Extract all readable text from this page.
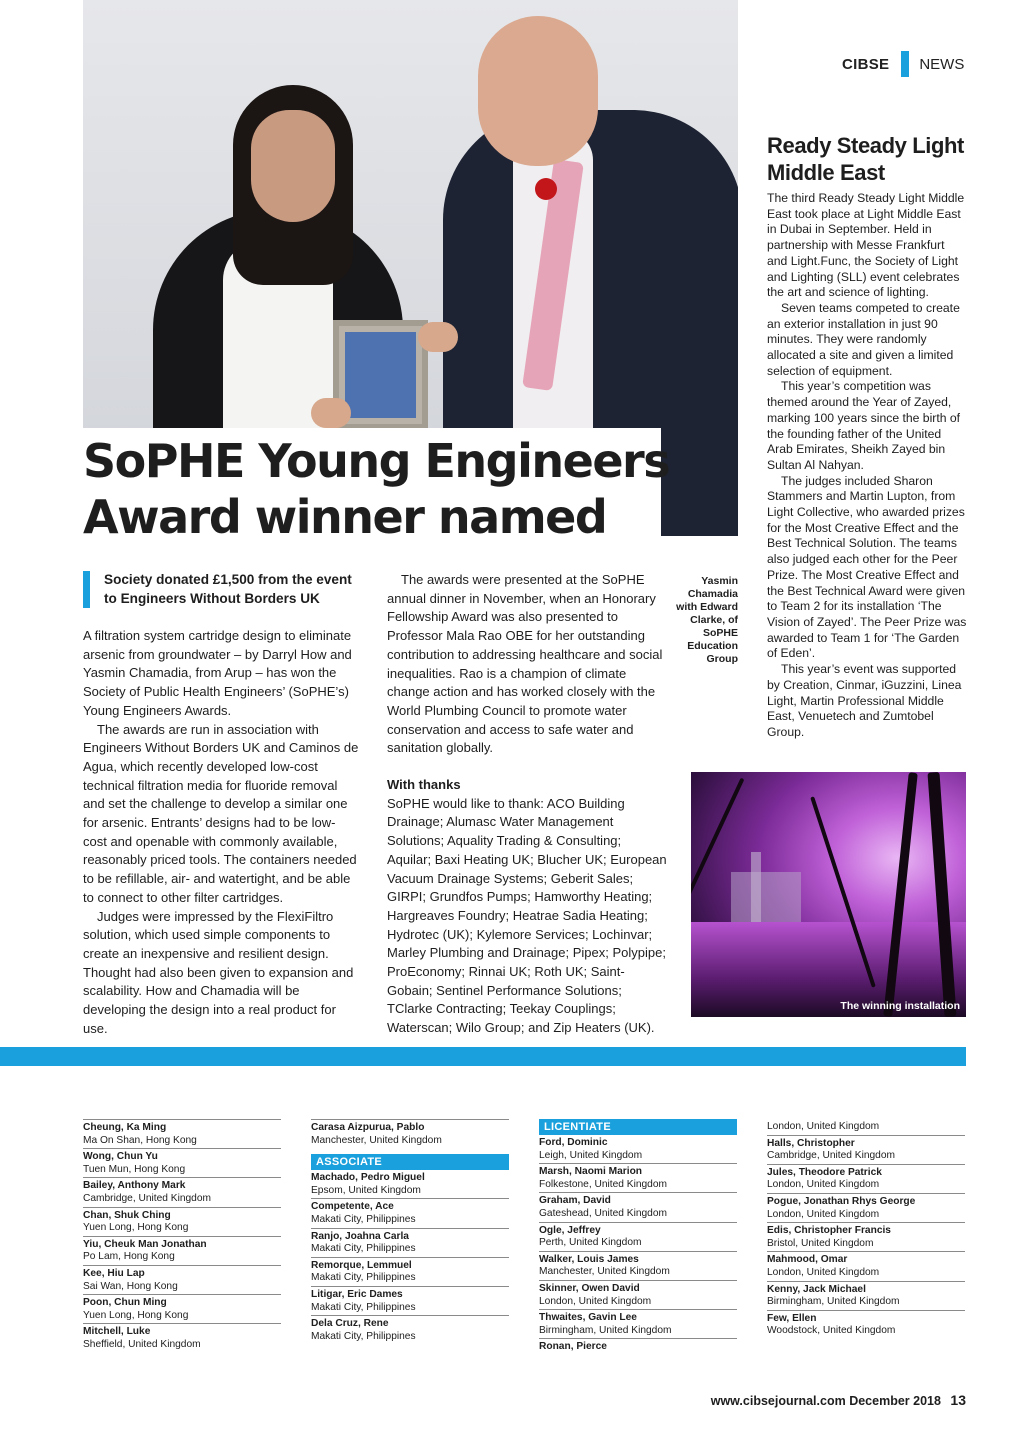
CIBSE NEWS
SoPHE Young Engineers Award winner named
Ready Steady Light Middle East

The third Ready Steady Light Middle East took place at Light Middle East in Dubai in September. Held in partnership with Messe Frankfurt and Light.Func, the Society of Light and Lighting (SLL) event celebrates the art and science of lighting.

Seven teams competed to create an exterior installation in just 90 minutes. They were randomly allocated a site and given a limited selection of equipment.

This year’s competition was themed around the Year of Zayed, marking 100 years since the birth of the founding father of the United Arab Emirates, Sheikh Zayed bin Sultan Al Nahyan.

The judges included Sharon Stammers and Martin Lupton, from Light Collective, who awarded prizes for the Most Creative Effect and the Best Technical Solution. The teams also judged each other for the Peer Prize. The Most Creative Effect and the Best Technical Award were given to Team 2 for its installation ‘The Vision of Zayed’. The Peer Prize was awarded to Team 1 for ‘The Garden of Eden’.

This year’s event was supported by Creation, Cinmar, iGuzzini, Linea Light, Martin Professional Middle East, Venuetech and Zumtobel Group.

Society donated £1,500 from the event to Engineers Without Borders UK

A filtration system cartridge design to eliminate arsenic from groundwater – by Darryl How and Yasmin Chamadia, from Arup – has won the Society of Public Health Engineers’ (SoPHE’s) Young Engineers Awards.

The awards are run in association with Engineers Without Borders UK and Caminos de Agua, which recently developed low-cost technical filtration media for fluoride removal and set the challenge to develop a similar one for arsenic. Entrants’ designs had to be low-cost and openable with commonly available, reasonably priced tools. The containers needed to be refillable, air- and watertight, and be able to connect to other filter cartridges.

Judges were impressed by the FlexiFiltro solution, which used simple components to create an inexpensive and resilient design. Thought had also been given to expansion and scalability. How and Chamadia will be developing the design into a real product for use.

The awards were presented at the SoPHE annual dinner in November, when an Honorary Fellowship Award was also presented to Professor Mala Rao OBE for her outstanding contribution to addressing healthcare and social inequalities. Rao is a champion of climate change action and has worked closely with the World Plumbing Council to promote water conservation and access to safe water and sanitation globally.

With thanks

SoPHE would like to thank: ACO Building Drainage; Alumasc Water Management Solutions; Aquality Trading & Consulting; Aquilar; Baxi Heating UK; Blucher UK; European Vacuum Drainage Systems; Geberit Sales; GIRPI; Grundfos Pumps; Hamworthy Heating; Hargreaves Foundry; Heatrae Sadia Heating; Hydrotec (UK); Kylemore Services; Lochinvar; Marley Plumbing and Drainage; Pipex; Polypipe; ProEconomy; Rinnai UK; Roth UK; Saint-Gobain; Sentinel Performance Solutions; TClarke Contracting; Teekay Couplings; Waterscan; Wilo Group; and Zip Heaters (UK).

Yasmin Chamadia with Edward Clarke, of SoPHE Education Group
The winning installation
Cheung, Ka Ming
Ma On Shan, Hong Kong
Wong, Chun Yu
Tuen Mun, Hong Kong
Bailey, Anthony Mark
Cambridge, United Kingdom
Chan, Shuk Ching
Yuen Long, Hong Kong
Yiu, Cheuk Man Jonathan
Po Lam, Hong Kong
Kee, Hiu Lap
Sai Wan, Hong Kong
Poon, Chun Ming
Yuen Long, Hong Kong
Mitchell, Luke
Sheffield, United Kingdom
Carasa Aizpurua, Pablo
Manchester, United Kingdom
ASSOCIATE
Machado, Pedro Miguel
Epsom, United Kingdom
Competente, Ace
Makati City, Philippines
Ranjo, Joahna Carla
Makati City, Philippines
Remorque, Lemmuel
Makati City, Philippines
Litigar, Eric Dames
Makati City, Philippines
Dela Cruz, Rene
Makati City, Philippines
LICENTIATE
Ford, Dominic
Leigh, United Kingdom
Marsh, Naomi Marion
Folkestone, United Kingdom
Graham, David
Gateshead, United Kingdom
Ogle, Jeffrey
Perth, United Kingdom
Walker, Louis James
Manchester, United Kingdom
Skinner, Owen David
London, United Kingdom
Thwaites, Gavin Lee
Birmingham, United Kingdom
Ronan, Pierce
London, United Kingdom
Halls, Christopher
Cambridge, United Kingdom
Jules, Theodore Patrick
London, United Kingdom
Pogue, Jonathan Rhys George
London, United Kingdom
Edis, Christopher Francis
Bristol, United Kingdom
Mahmood, Omar
London, United Kingdom
Kenny, Jack Michael
Birmingham, United Kingdom
Few, Ellen
Woodstock, United Kingdom
www.cibsejournal.com December 2018 13
